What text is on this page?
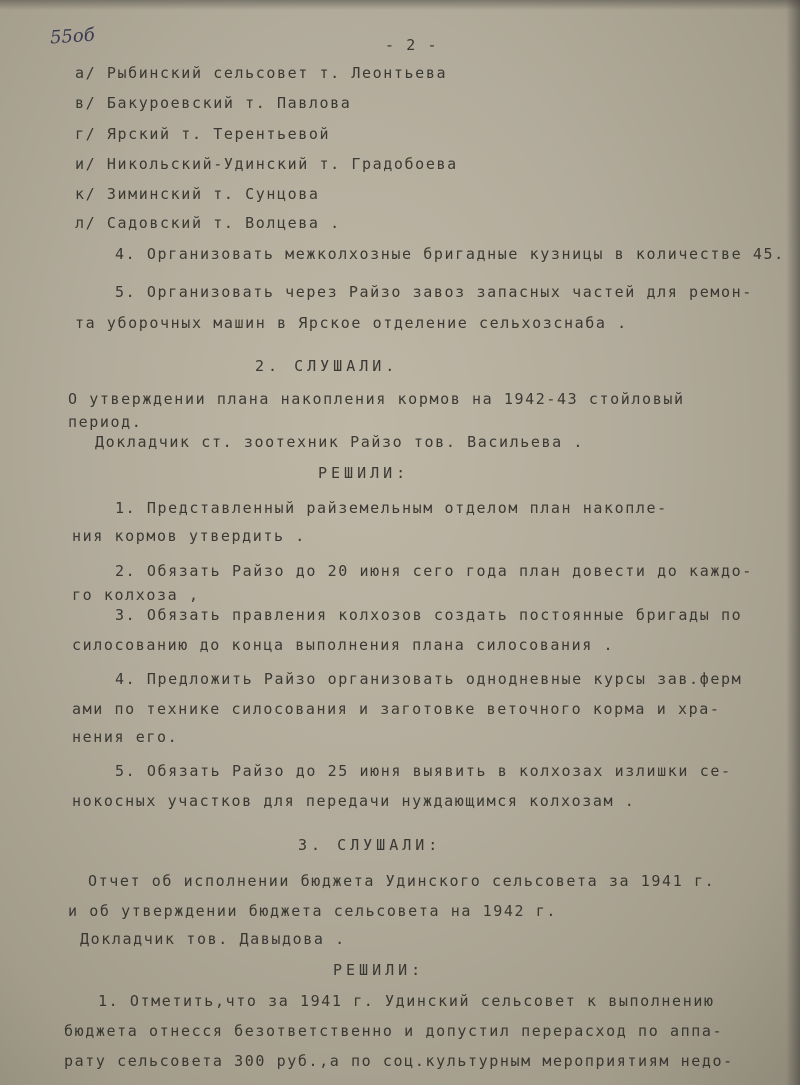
55об	- 2 -
а/ Рыбинский сельсовет т. Леонтьева
в/ Бакуроевский т. Павлова
г/ Ярский т. Терентьевой
и/ Никольский-Удинский т. Градобоева
к/ Зиминский т. Сунцова
л/ Садовский т. Волцева .
4. Организовать межколхозные бригадные кузницы в количестве 45.
5. Организовать через Райзо завоз запасных частей для ремон-
та уборочных машин в Ярское отделение сельхозснаба .
2. СЛУШАЛИ.
О утверждении плана накопления кормов на 1942-43 стойловый
период.
Докладчик ст. зоотехник Райзо тов. Васильева .
РЕШИЛИ:
1. Представленный райземельным отделом план накопле-
ния кормов утвердить .
2. Обязать Райзо до 20 июня сего года план довести до каждо-
го колхоза ,
3. Обязать правления колхозов создать постоянные бригады по
силосованию до конца выполнения плана силосования .
4. Предложить Райзо организовать однодневные курсы зав.ферм
ами по технике силосования и заготовке веточного корма и хра-
нения его.
5. Обязать Райзо до 25 июня выявить в колхозах излишки се-
нокосных участков для передачи нуждающимся колхозам .
3. СЛУШАЛИ:
Отчет об исполнении бюджета Удинского сельсовета за 1941 г.
и об утверждении бюджета сельсовета на 1942 г.
Докладчик тов. Давыдова .
РЕШИЛИ:
1. Отметить,что за 1941 г. Удинский сельсовет к выполнению
бюджета отнесся безответственно и допустил перерасход по аппа-
рату сельсовета 300 руб.,а по соц.культурным мероприятиям недо-
